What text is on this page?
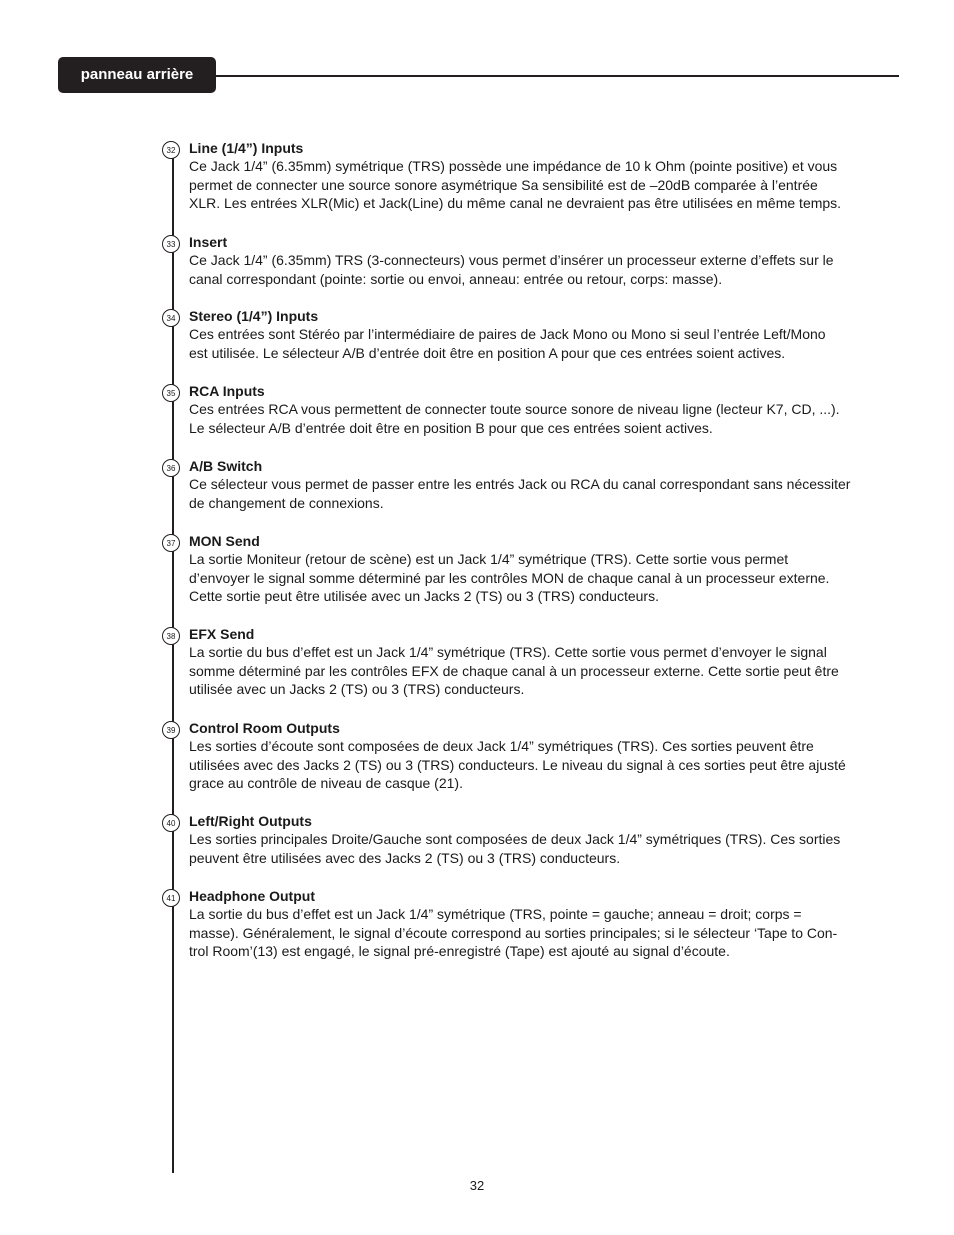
panneau arrière
32 Line (1/4”) Inputs
Ce Jack 1/4” (6.35mm) symétrique (TRS) possède une impédance de 10 k Ohm (pointe positive) et vous
permet de connecter une source sonore asymétrique Sa sensibilité est de –20dB comparée à l’entrée
XLR. Les entrées XLR(Mic) et Jack(Line) du même canal ne devraient pas être utilisées en même temps.
33 Insert
Ce Jack 1/4” (6.35mm) TRS (3-connecteurs) vous permet d’insérer un processeur externe d’effets sur le
canal correspondant (pointe: sortie ou envoi, anneau: entrée ou retour, corps: masse).
34 Stereo (1/4”) Inputs
Ces entrées sont Stéréo par l’intermédiaire de paires de Jack Mono ou Mono si seul l’entrée Left/Mono
est utilisée. Le sélecteur A/B d’entrée doit être en position A pour que ces entrées soient actives.
35 RCA Inputs
Ces entrées RCA vous permettent de connecter toute source sonore de niveau ligne (lecteur K7, CD, ...).
Le sélecteur A/B d’entrée doit être en position B pour que ces entrées soient actives.
36 A/B Switch
Ce sélecteur vous permet de passer entre les entrés Jack ou RCA du canal correspondant sans nécessiter
de changement de connexions.
37 MON Send
La sortie Moniteur (retour de scène) est un Jack 1/4” symétrique (TRS). Cette sortie vous permet
d’envoyer le signal somme déterminé par les contrôles MON de chaque canal à un processeur externe.
Cette sortie peut être utilisée avec un Jacks 2 (TS) ou 3 (TRS) conducteurs.
38 EFX Send
La sortie du bus d’effet est un Jack 1/4” symétrique (TRS). Cette sortie vous permet d’envoyer le signal
somme déterminé par les contrôles EFX de chaque canal à un processeur externe. Cette sortie peut être
utilisée avec un Jacks 2 (TS) ou 3 (TRS) conducteurs.
39 Control Room Outputs
Les sorties d’écoute sont composées de deux Jack 1/4” symétriques (TRS). Ces sorties peuvent être
utilisées avec des Jacks 2 (TS) ou 3 (TRS) conducteurs. Le niveau du signal à ces sorties peut être ajusté
grace au contrôle de niveau de casque (21).
40 Left/Right Outputs
Les sorties principales Droite/Gauche sont composées de deux Jack 1/4” symétriques (TRS). Ces sorties
peuvent être utilisées avec des Jacks 2 (TS) ou 3 (TRS) conducteurs.
41 Headphone Output
La sortie du bus d’effet est un Jack 1/4” symétrique (TRS, pointe = gauche; anneau = droit; corps =
masse). Généralement, le signal d’écoute correspond au sorties principales; si le sélecteur ‘Tape to Con-
trol Room’(13) est engagé, le signal pré-enregistré (Tape) est ajouté au signal d’écoute.
32
